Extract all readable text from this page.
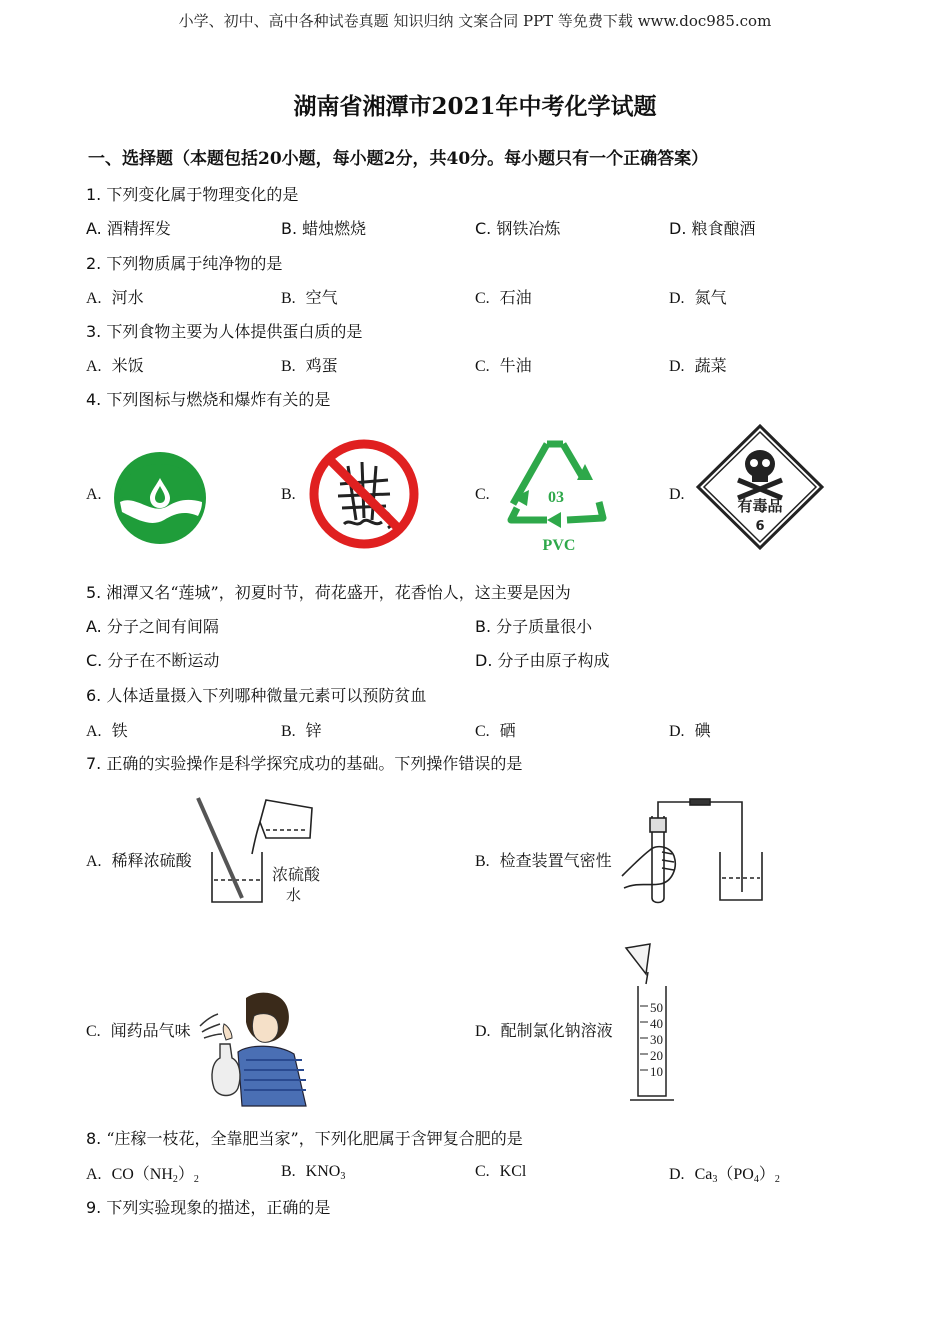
小学、初中、高中各种试卷真题 知识归纳 文案合同 PPT 等免费下载 www.doc985.com
湖南省湘潭市2021年中考化学试题
一、选择题（本题包括20小题，每小题2分，共40分。每小题只有一个正确答案）
1. 下列变化属于物理变化的是
A. 酒精挥发	B. 蜡烛燃烧	C. 钢铁冶炼	D. 粮食酿酒
2. 下列物质属于纯净物的是
A. 河水	B. 空气	C. 石油	D. 氮气
3. 下列食物主要为人体提供蛋白质的是
A. 米饭	B. 鸡蛋	C. 牛油	D. 蔬菜
4. 下列图标与燃烧和爆炸有关的是
A.	B.	C.	D.
03
PVC
有毒品
6
5. 湘潭又名“莲城”，初夏时节，荷花盛开，花香怡人，这主要是因为
A. 分子之间有间隔	B. 分子质量很小
C. 分子在不断运动	D. 分子由原子构成
6. 人体适量摄入下列哪种微量元素可以预防贫血
A. 铁	B. 锌	C. 硒	D. 碘
7. 正确的实验操作是科学探究成功的基础。下列操作错误的是
A. 稀释浓硫酸	B. 检查装置气密性
C. 闻药品气味	D. 配制氯化钠溶液
浓硫酸
水
50
40
30
20
10
8. “庄稼一枝花，全靠肥当家”，下列化肥属于含钾复合肥的是
A. $CO(NH_2)_2$	B. $KNO_3$	C. KCl	D. $Ca_3(PO_4)_2$
9. 下列实验现象的描述，正确的是
